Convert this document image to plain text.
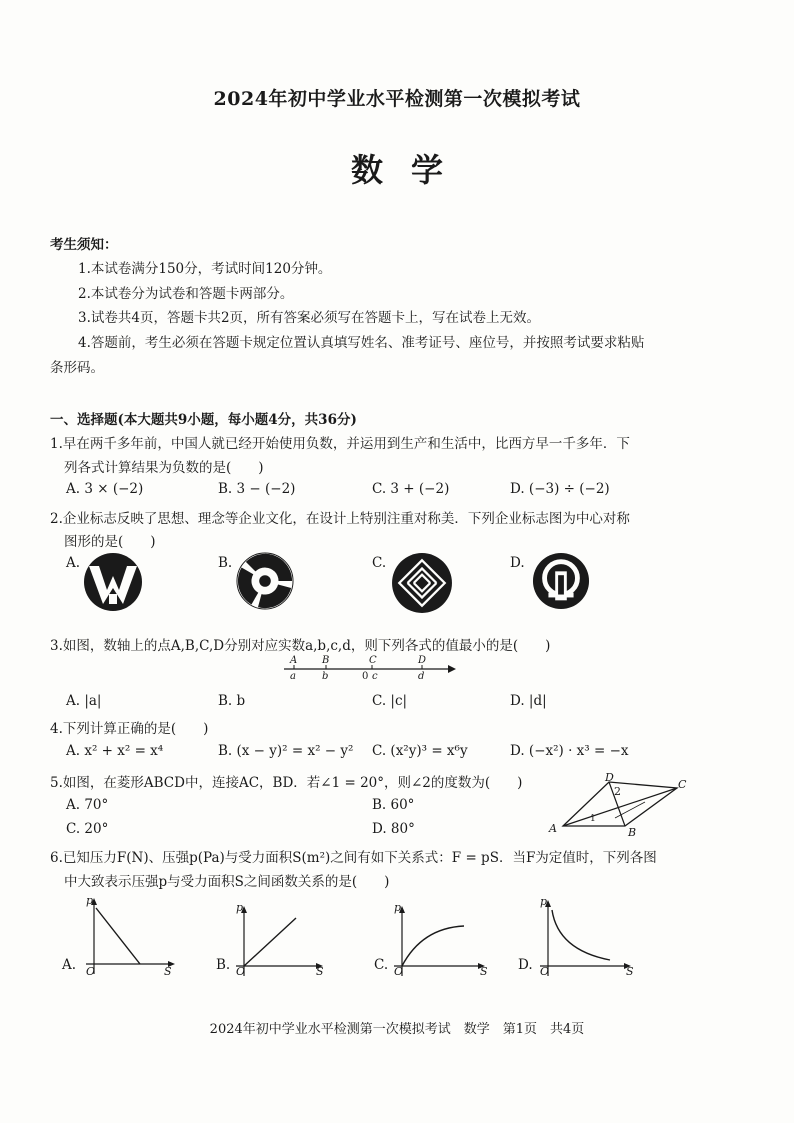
2024年初中学业水平检测第一次模拟考试
数学
考生须知：
1.本试卷满分150分，考试时间120分钟。
2.本试卷分为试卷和答题卡两部分。
3.试卷共4页，答题卡共2页，所有答案必须写在答题卡上，写在试卷上无效。
4.答题前，考生必须在答题卡规定位置认真填写姓名、准考证号、座位号，并按照考试要求粘贴
条形码。
一、选择题(本大题共9小题，每小题4分，共36分)
1.早在两千多年前，中国人就已经开始使用负数，并运用到生产和生活中，比西方早一千多年．下
列各式计算结果为负数的是(　　)
A. 3 × (−2)	B. 3 − (−2)	C. 3 + (−2)	D. (−3) ÷ (−2)
2.企业标志反映了思想、理念等企业文化，在设计上特别注重对称美．下列企业标志图为中心对称
图形的是(　　)
A.	B.	C.	D.
3.如图，数轴上的点A,B,C,D分别对应实数a,b,c,d，则下列各式的值最小的是(　　)
A B	C	D
a	b	0 c	d
A. |a|	B. b	C. |c|	D. |d|
4.下列计算正确的是(　　)
A. x² + x² = x⁴	B. (x − y)² = x² − y² C. (x²y)³ = x⁶y	D. (−x²) · x³ = −x
5.如图，在菱形ABCD中，连接AC，BD．若∠1 = 20°，则∠2的度数为(　　)
A. 70°	B. 60°
C. 20°	D. 80°	A	B
C
D
2
1
6.已知压力F(N)、压强p(Pa)与受力面积S(m²)之间有如下关系式：F = pS．当F为定值时，下列各图
中大致表示压强p与受力面积S之间函数关系的是(　　)
A.
p
S
O	B.
p
S
O	C.
p
S
O	D.
p
S
O
2024年初中学业水平检测第一次模拟考试　数学　第1页　共4页
